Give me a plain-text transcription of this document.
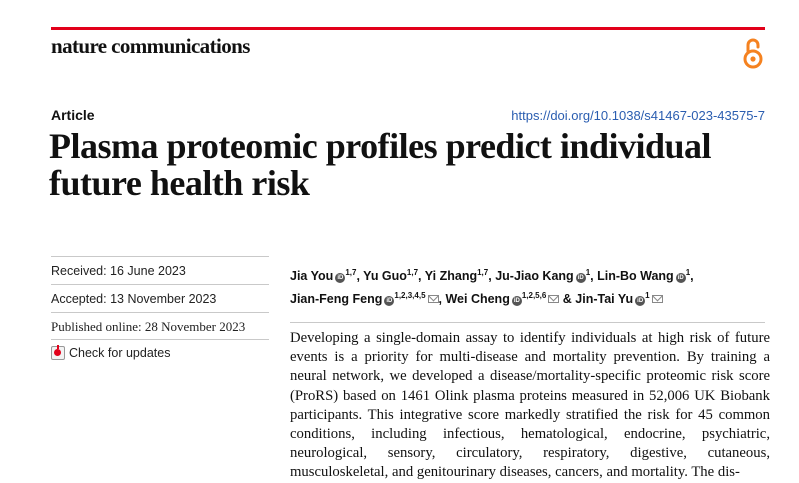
nature communications
Article	https://doi.org/10.1038/s41467-023-43575-7
Plasma proteomic profiles predict individual
future health risk
Received: 16 June 2023
Accepted: 13 November 2023
Published online: 28 November 2023
Check for updates
Jia You iD$^{1,7}$, Yu Guo$^{1,7}$, Yi Zhang$^{1,7}$, Ju-Jiao Kang iD$^1$, Lin-Bo Wang iD$^1$, Jian-Feng Feng iD$^{1,2,3,4,5}$ , Wei Cheng iD$^{1,2,5,6}$ & Jin-Tai Yu iD$^1$

Developing a single-domain assay to identify individuals at high risk of future events is a priority for multi-disease and mortality prevention. By training a neural network, we developed a disease/mortality-specific proteomic risk score (ProRS) based on 1461 Olink plasma proteins measured in 52,006 UK Biobank participants. This integrative score markedly stratified the risk for 45 common conditions, including infectious, hematological, endocrine, psychiatric, neurological, sensory, circulatory, respiratory, digestive, cutaneous, musculoskeletal, and genitourinary diseases, cancers, and mortality. The dis-
